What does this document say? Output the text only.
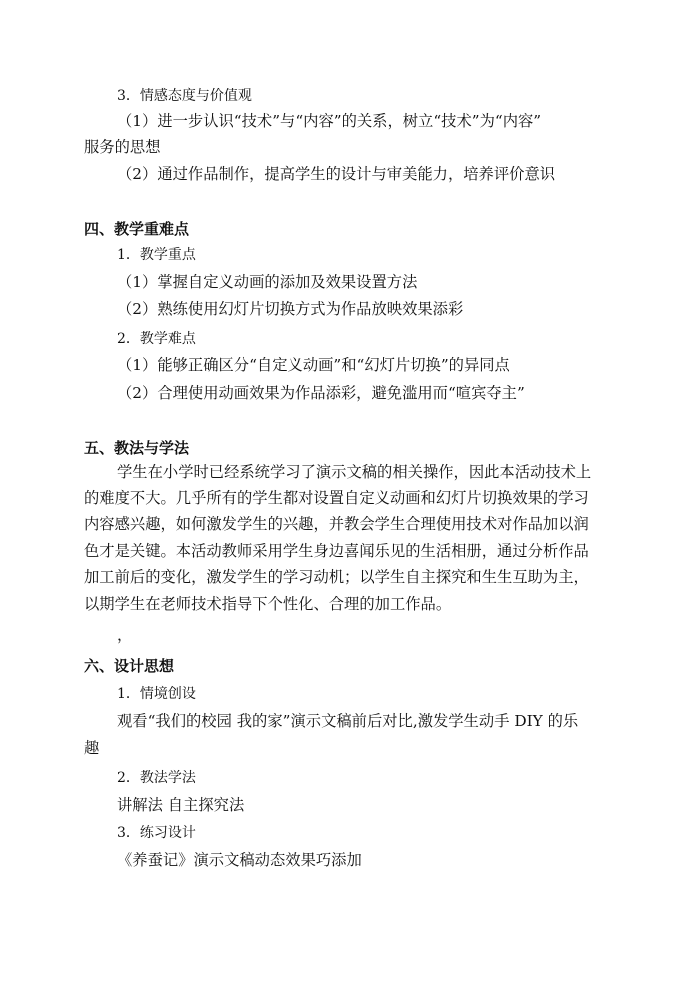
3．情感态度与价值观
（1）进一步认识“技术”与“内容”的关系，树立“技术”为“内容”
服务的思想
（2）通过作品制作，提高学生的设计与审美能力，培养评价意识
四、教学重难点
1．教学重点
（1）掌握自定义动画的添加及效果设置方法
（2）熟练使用幻灯片切换方式为作品放映效果添彩
2．教学难点
（1）能够正确区分“自定义动画”和“幻灯片切换”的异同点
（2）合理使用动画效果为作品添彩，避免滥用而“喧宾夺主”
五、教法与学法
学生在小学时已经系统学习了演示文稿的相关操作，因此本活动技术上
的难度不大。几乎所有的学生都对设置自定义动画和幻灯片切换效果的学习
内容感兴趣，如何激发学生的兴趣，并教会学生合理使用技术对作品加以润
色才是关键。本活动教师采用学生身边喜闻乐见的生活相册，通过分析作品
加工前后的变化，激发学生的学习动机；以学生自主探究和生生互助为主，
以期学生在老师技术指导下个性化、合理的加工作品。
，
六、设计思想
1．情境创设
观看“我们的校园 我的家”演示文稿前后对比,激发学生动手 DIY 的乐
趣
2．教法学法
讲解法 自主探究法
3．练习设计
《养蚕记》演示文稿动态效果巧添加
